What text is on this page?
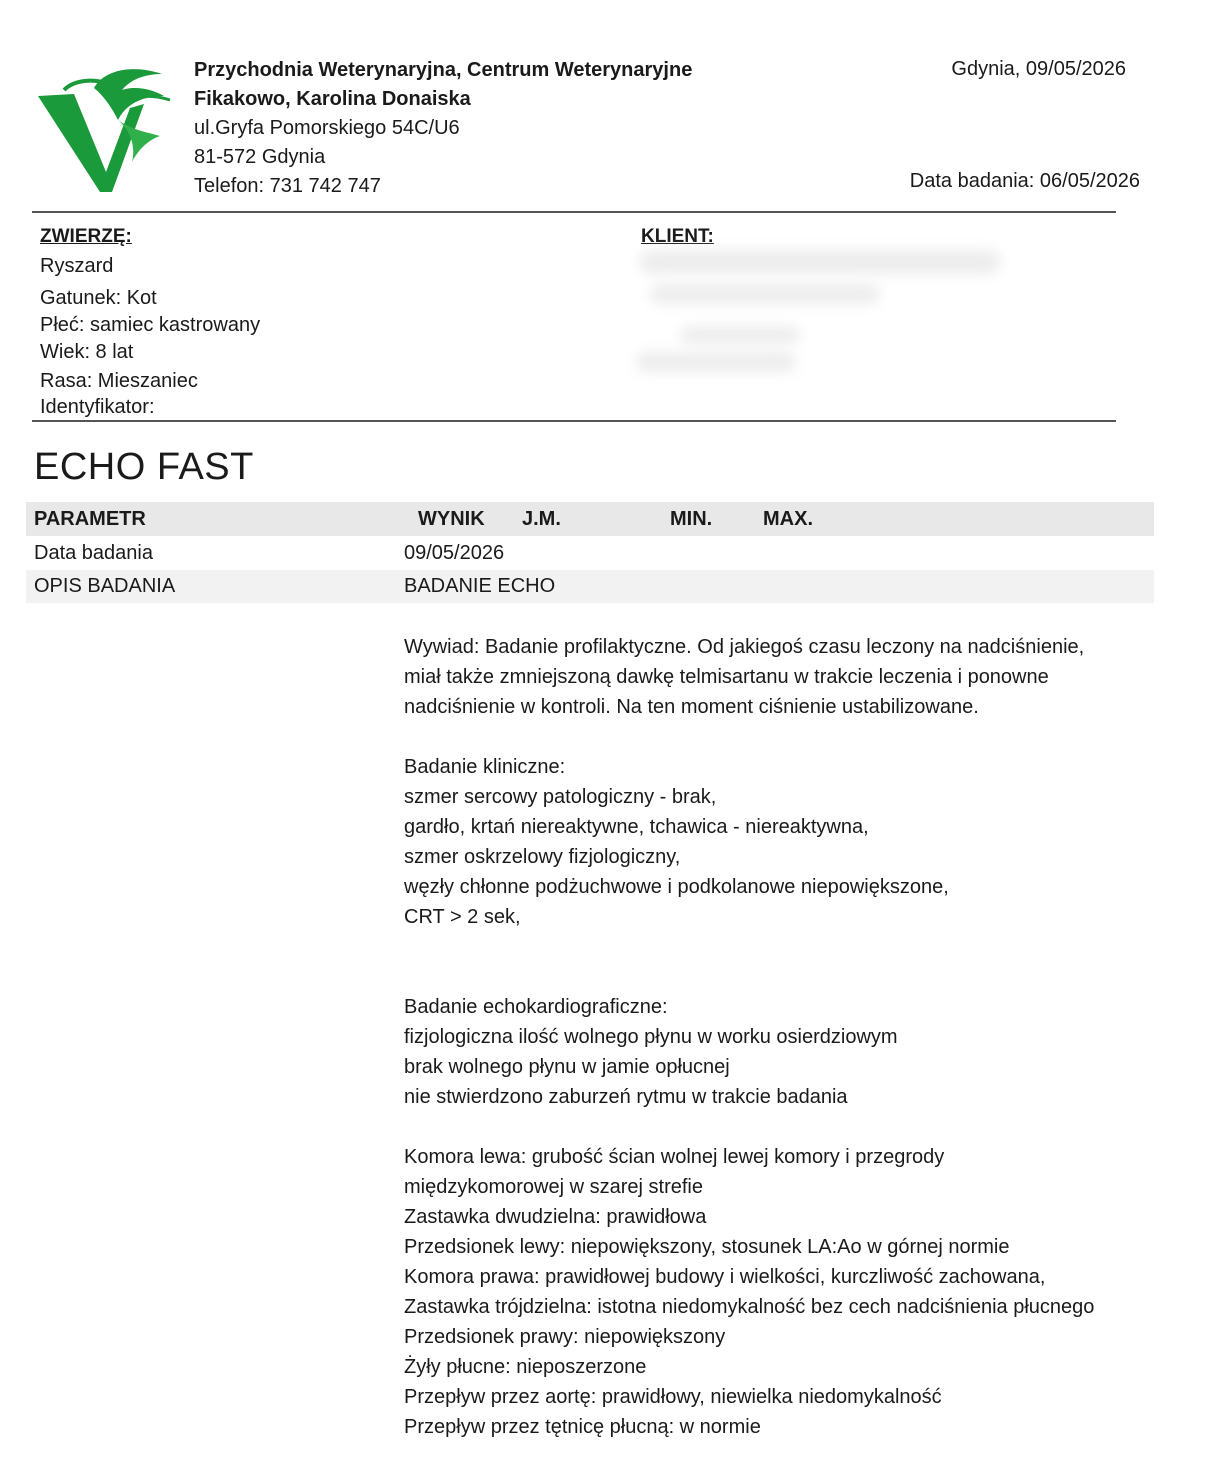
Przychodnia Weterynaryjna, Centrum Weterynaryjne
Fikakowo, Karolina Donaiska
ul.Gryfa Pomorskiego 54C/U6
81-572 Gdynia
Telefon: 731 742 747
Gdynia, 09/05/2026
Data badania: 06/05/2026
ZWIERZĘ:
Ryszard
Gatunek: Kot
Płeć: samiec kastrowany
Wiek: 8 lat
Rasa: Mieszaniec
Identyfikator:
KLIENT:
ECHO FAST
PARAMETR	WYNIK J.M.	MIN.	MAX.
Data badania	09/05/2026
OPIS BADANIA	BADANIE ECHO
Wywiad: Badanie profilaktyczne. Od jakiegoś czasu leczony na nadciśnienie,
miał także zmniejszoną dawkę telmisartanu w trakcie leczenia i ponowne
nadciśnienie w kontroli. Na ten moment ciśnienie ustabilizowane.
Badanie kliniczne:
szmer sercowy patologiczny - brak,
gardło, krtań niereaktywne, tchawica - niereaktywna,
szmer oskrzelowy fizjologiczny,
węzły chłonne podżuchwowe i podkolanowe niepowiększone,
CRT > 2 sek,
Badanie echokardiograficzne:
fizjologiczna ilość wolnego płynu w worku osierdziowym
brak wolnego płynu w jamie opłucnej
nie stwierdzono zaburzeń rytmu w trakcie badania
Komora lewa: grubość ścian wolnej lewej komory i przegrody
międzykomorowej w szarej strefie
Zastawka dwudzielna: prawidłowa
Przedsionek lewy: niepowiększony, stosunek LA:Ao w górnej normie
Komora prawa: prawidłowej budowy i wielkości, kurczliwość zachowana,
Zastawka trójdzielna: istotna niedomykalność bez cech nadciśnienia płucnego
Przedsionek prawy: niepowiększony
Żyły płucne: nieposzerzone
Przepływ przez aortę: prawidłowy, niewielka niedomykalność
Przepływ przez tętnicę płucną: w normie
